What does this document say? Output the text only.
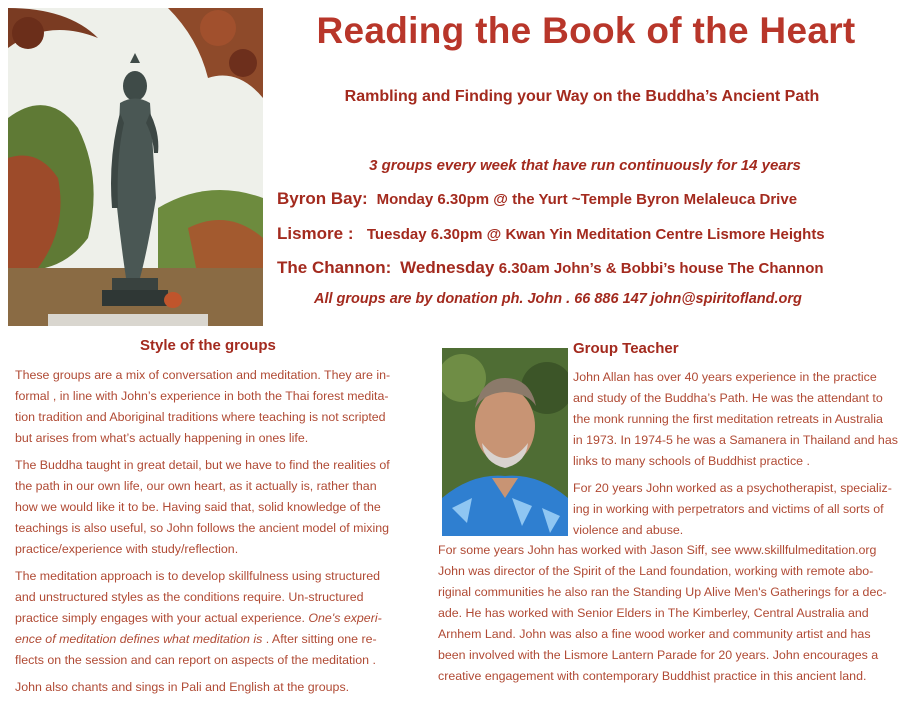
Reading the Book of the Heart
Rambling and Finding your Way on the Buddha’s Ancient Path
3 groups every week that have run continuously for 14 years
Byron Bay: Monday 6.30pm @ the Yurt ~Temple Byron Melaleuca Drive
Lismore : Tuesday 6.30pm @ Kwan Yin Meditation Centre Lismore Heights
The Channon: Wednesday 6.30am John’s & Bobbi’s house The Channon
All groups are by donation ph. John . 66 886 147 john@spiritofland.org
Style of the groups

These groups are a mix of conversation and meditation. They are in-
formal , in line with John’s experience in both the Thai forest medita-
tion tradition and Aboriginal traditions where teaching is not scripted
but arises from what’s actually happening in ones life.

The Buddha taught in great detail, but we have to find the realities of
the path in our own life, our own heart, as it actually is, rather than
how we would like it to be. Having said that, solid knowledge of the
teachings is also useful, so John follows the ancient model of mixing
practice/experience with study/reflection.

The meditation approach is to develop skillfulness using structured
and unstructured styles as the conditions require. Un-structured
practice simply engages with your actual experience. One's experi-
ence of meditation defines what meditation is . After sitting one re-
flects on the session and can report on aspects of the meditation .

John also chants and sings in Pali and English at the groups.

Group Teacher

John Allan has over 40 years experience in the practice
and study of the Buddha’s Path. He was the attendant to
the monk running the first meditation retreats in Australia
in 1973. In 1974-5 he was a Samanera in Thailand and has
links to many schools of Buddhist practice .

For 20 years John worked as a psychotherapist, specializ-
ing in working with perpetrators and victims of all sorts of
violence and abuse.

For some years John has worked with Jason Siff, see www.skillfulmeditation.org
John was director of the Spirit of the Land foundation, working with remote abo-
riginal communities he also ran the Standing Up Alive Men's Gatherings for a dec-
ade. He has worked with Senior Elders in The Kimberley, Central Australia and
Arnhem Land. John was also a fine wood worker and community artist and has
been involved with the Lismore Lantern Parade for 20 years. John encourages a
creative engagement with contemporary Buddhist practice in this ancient land.
